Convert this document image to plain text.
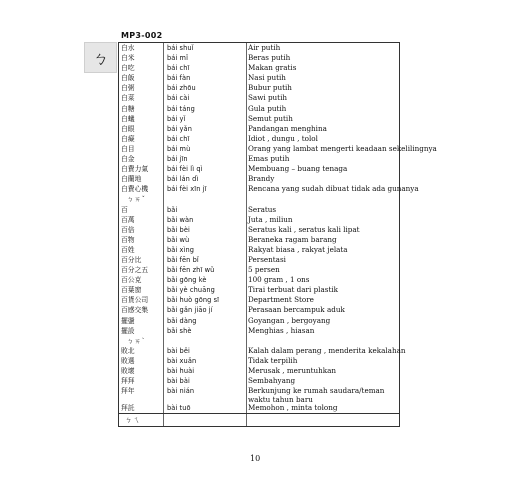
MP3-002
ㄅ
白水	bái shuǐ	Air putih
白米	bái mǐ	Beras putih
白吃	bái chī	Makan gratis
白飯	bái fàn	Nasi putih
白粥	bái zhōu	Bubur putih
白菜	bái cài	Sawi putih
白糖	bái táng	Gula putih
白蟻	bái yǐ	Semut putih
白眼	bái yǎn	Pandangan menghina
白癡	bái chī	Idiot , dungu , tolol
白目	bái mù	Orang yang lambat mengerti keadaan sekelilingnya
白金	bái jīn	Emas putih
白費力氣	bái fèi lì qì	Membuang – buang tenaga
白蘭地	bái lán dì	Brandy
白費心機	bái fèi xīn jī	Rencana yang sudah dibuat tidak ada gunanya
ㄅㄞˇ
百	bǎi	Seratus
百萬	bǎi wàn	Juta , miliun
百倍	bǎi bèi	Seratus kali , seratus kali lipat
百物	bǎi wù	Beraneka ragam barang
百姓	bǎi xìng	Rakyat biasa , rakyat jelata
百分比	bǎi fēn bǐ	Persentasi
百分之五	bǎi fēn zhī wǔ	5 persen
百公克	bǎi gōng kè	100 gram , 1 ons
百葉窗	bǎi yè chuāng	Tirai terbuat dari plastik
百貨公司	bǎi huò gōng sī	Department Store
百感交集	bǎi gǎn jiāo jí	Perasaan bercampuk aduk
擺盪	bǎi dàng	Goyangan , bergoyang
擺設	bǎi shè	Menghias , hiasan
ㄅㄞˋ
敗北	bài běi	Kalah dalam perang , menderita kekalahan
敗選	bài xuǎn	Tidak terpilih
敗壞	bài huài	Merusak , meruntuhkan
拜拜	bài bài	Sembahyang
拜年	bài nián	Berkunjung ke rumah saudara/teman waktu tahun baru
拜託	bài tuō	Memohon , minta tolong
ㄅㄟ
10
